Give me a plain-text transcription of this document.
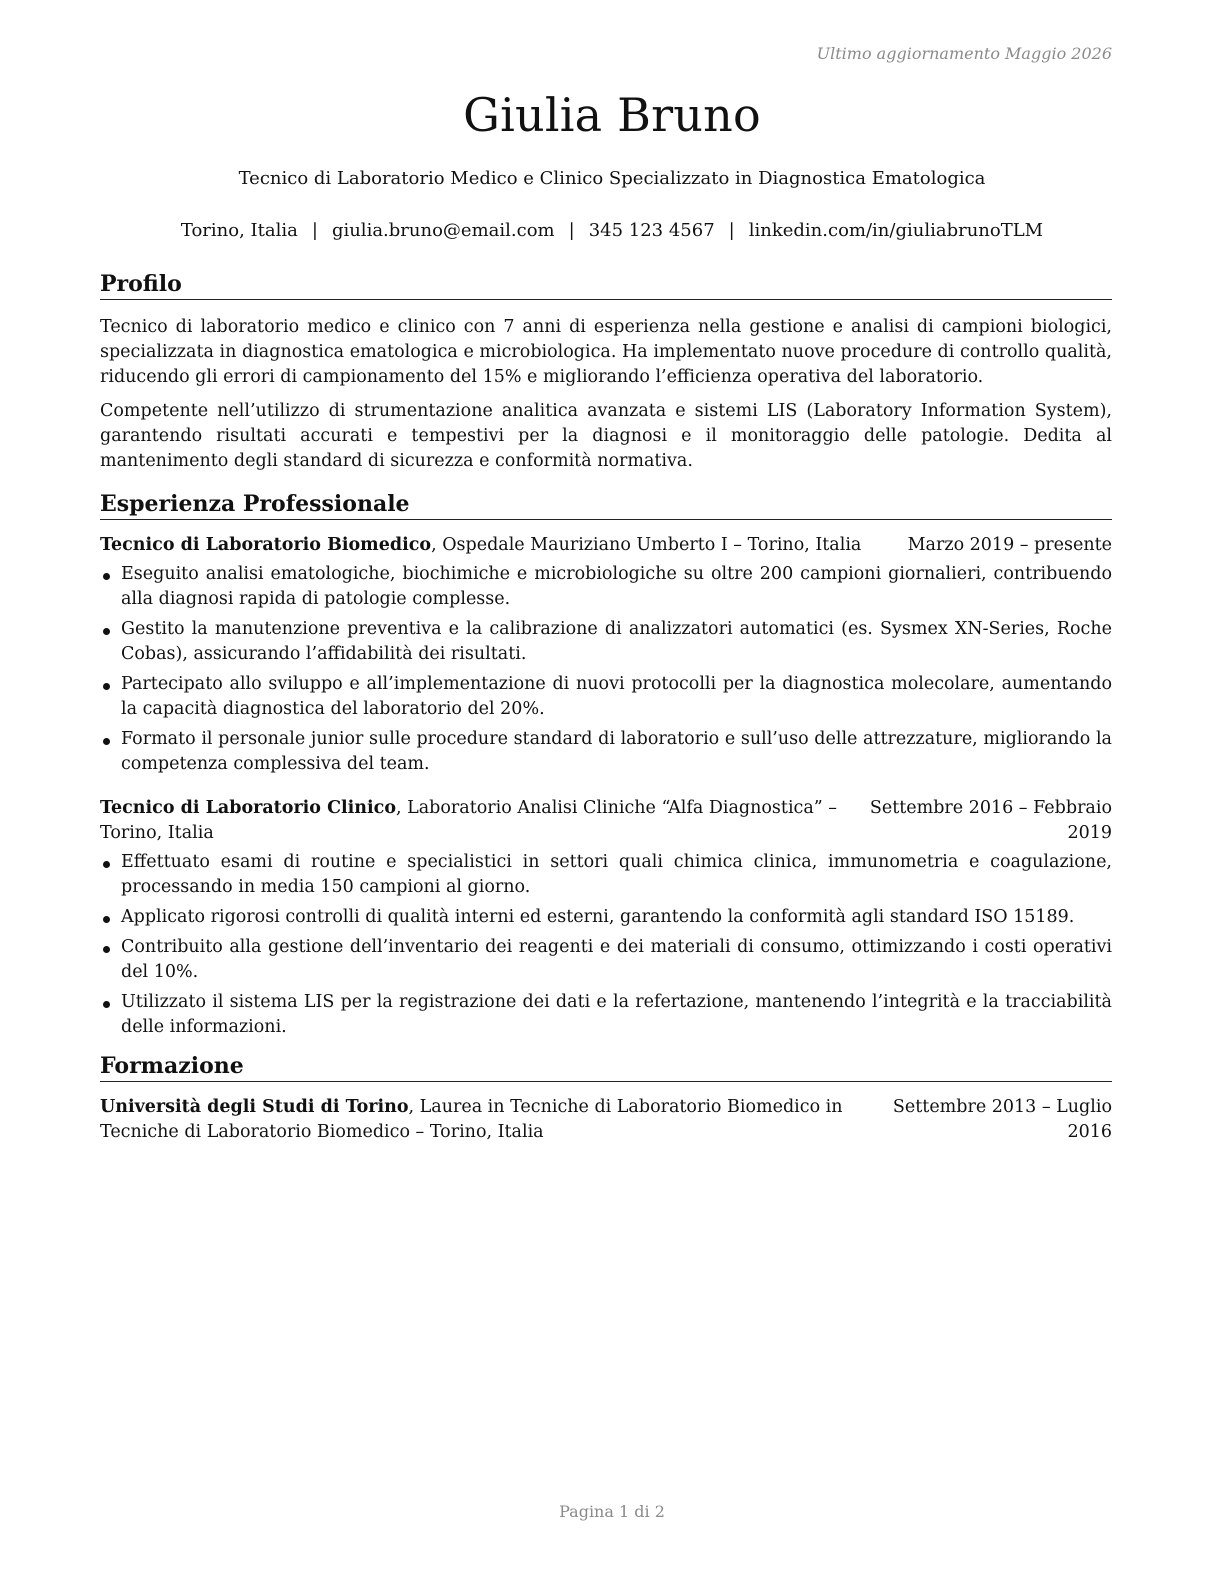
Ultimo aggiornamento Maggio 2026
Giulia Bruno
Tecnico di Laboratorio Medico e Clinico Specializzato in Diagnostica Ematologica
Torino, Italia | giulia.bruno@email.com | 345 123 4567 | linkedin.com/in/giuliabrunoTLM
Profilo

Tecnico di laboratorio medico e clinico con 7 anni di esperienza nella gestione e analisi di campioni biologici, specializzata in diagnostica ematologica e microbiologica. Ha implementato nuove procedure di controllo qualità, riducendo gli errori di campionamento del 15% e migliorando l’efficienza operativa del laboratorio.

Competente nell’utilizzo di strumentazione analitica avanzata e sistemi LIS (Laboratory Information System), garantendo risultati accurati e tempestivi per la diagnosi e il monitoraggio delle patologie. Dedita al mantenimento degli standard di sicurezza e conformità normativa.

Esperienza Professionale
Tecnico di Laboratorio Biomedico, Ospedale Mauriziano Umberto I – Torino, Italia	Marzo 2019 – presente
Eseguito analisi ematologiche, biochimiche e microbiologiche su oltre 200 campioni giornalieri, contribuendo alla diagnosi rapida di patologie complesse.
Gestito la manutenzione preventiva e la calibrazione di analizzatori automatici (es. Sysmex XN-Series, Roche Cobas), assicurando l’affidabilità dei risultati.
Partecipato allo sviluppo e all’implementazione di nuovi protocolli per la diagnostica molecolare, aumentando la capacità diagnostica del laboratorio del 20%.
Formato il personale junior sulle procedure standard di laboratorio e sull’uso delle attrezzature, migliorando la competenza complessiva del team.
Tecnico di Laboratorio Clinico, Laboratorio Analisi Cliniche “Alfa Diagnostica” – Torino, Italia
Settembre 2016 – Febbraio
2019
Effettuato esami di routine e specialistici in settori quali chimica clinica, immunometria e coagulazione, processando in media 150 campioni al giorno.
Applicato rigorosi controlli di qualità interni ed esterni, garantendo la conformità agli standard ISO 15189.
Contribuito alla gestione dell’inventario dei reagenti e dei materiali di consumo, ottimizzando i costi operativi del 10%.
Utilizzato il sistema LIS per la registrazione dei dati e la refertazione, mantenendo l’integrità e la tracciabilità delle informazioni.
Formazione
Università degli Studi di Torino, Laurea in Tecniche di Laboratorio Biomedico in Tecniche di Laboratorio Biomedico – Torino, Italia
Settembre 2013 – Luglio
2016
Pagina 1 di 2
